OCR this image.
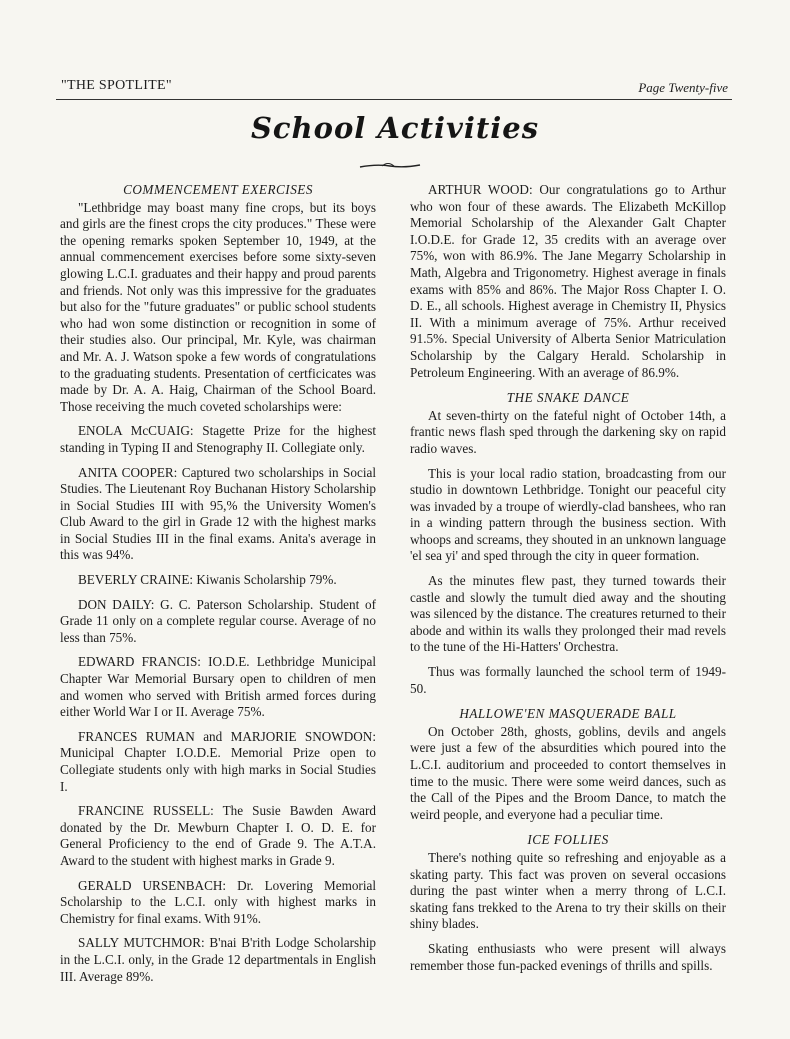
"THE SPOTLITE"	Page Twenty-five
School Activities
COMMENCEMENT EXERCISES

"Lethbridge may boast many fine crops, but its boys and girls are the finest crops the city produces." These were the opening remarks spoken September 10, 1949, at the annual commencement exercises before some sixty-seven glowing L.C.I. graduates and their happy and proud parents and friends. Not only was this impressive for the graduates but also for the "future graduates" or public school students who had won some distinction or recognition in some of their studies also. Our principal, Mr. Kyle, was chairman and Mr. A. J. Watson spoke a few words of congratulations to the graduating students. Presentation of certficicates was made by Dr. A. A. Haig, Chairman of the School Board. Those receiving the much coveted scholarships were:

ENOLA McCUAIG: Stagette Prize for the highest standing in Typing II and Stenography II. Collegiate only.

ANITA COOPER: Captured two scholarships in Social Studies. The Lieutenant Roy Buchanan History Scholarship in Social Studies III with 95,% the University Women's Club Award to the girl in Grade 12 with the highest marks in Social Studies III in the final exams. Anita's average in this was 94%.

BEVERLY CRAINE: Kiwanis Scholarship 79%.

DON DAILY: G. C. Paterson Scholarship. Student of Grade 11 only on a complete regular course. Average of no less than 75%.

EDWARD FRANCIS: IO.D.E. Lethbridge Municipal Chapter War Memorial Bursary open to children of men and women who served with British armed forces during either World War I or II. Average 75%.

FRANCES RUMAN and MARJORIE SNOWDON: Municipal Chapter I.O.D.E. Memorial Prize open to Collegiate students only with high marks in Social Studies I.

FRANCINE RUSSELL: The Susie Bawden Award donated by the Dr. Mewburn Chapter I. O. D. E. for General Proficiency to the end of Grade 9. The A.T.A. Award to the student with highest marks in Grade 9.

GERALD URSENBACH: Dr. Lovering Memorial Scholarship to the L.C.I. only with highest marks in Chemistry for final exams. With 91%.

SALLY MUTCHMOR: B'nai B'rith Lodge Scholarship in the L.C.I. only, in the Grade 12 departmentals in English III. Average 89%.

ARTHUR WOOD: Our congratulations go to Arthur who won four of these awards. The Elizabeth McKillop Memorial Scholarship of the Alexander Galt Chapter I.O.D.E. for Grade 12, 35 credits with an average over 75%, won with 86.9%. The Jane Megarry Scholarship in Math, Algebra and Trigonometry. Highest average in finals exams with 85% and 86%. The Major Ross Chapter I. O. D. E., all schools. Highest average in Chemistry II, Physics II. With a minimum average of 75%. Arthur received 91.5%. Special University of Alberta Senior Matriculation Scholarship by the Calgary Herald. Scholarship in Petroleum Engineering. With an average of 86.9%.

THE SNAKE DANCE

At seven-thirty on the fateful night of October 14th, a frantic news flash sped through the darkening sky on rapid radio waves.

This is your local radio station, broadcasting from our studio in downtown Lethbridge. Tonight our peaceful city was invaded by a troupe of wierdly-clad banshees, who ran in a winding pattern through the business section. With whoops and screams, they shouted in an unknown language 'el sea yi' and sped through the city in queer formation.

As the minutes flew past, they turned towards their castle and slowly the tumult died away and the shouting was silenced by the distance. The creatures returned to their abode and within its walls they prolonged their mad revels to the tune of the Hi-Hatters' Orchestra.

Thus was formally launched the school term of 1949-50.

HALLOWE'EN MASQUERADE BALL

On October 28th, ghosts, goblins, devils and angels were just a few of the absurdities which poured into the L.C.I. auditorium and proceeded to contort themselves in time to the music. There were some weird dances, such as the Call of the Pipes and the Broom Dance, to match the weird people, and everyone had a peculiar time.

ICE FOLLIES

There's nothing quite so refreshing and enjoyable as a skating party. This fact was proven on several occasions during the past winter when a merry throng of L.C.I. skating fans trekked to the Arena to try their skills on their shiny blades.

Skating enthusiasts who were present will always remember those fun-packed evenings of thrills and spills.
